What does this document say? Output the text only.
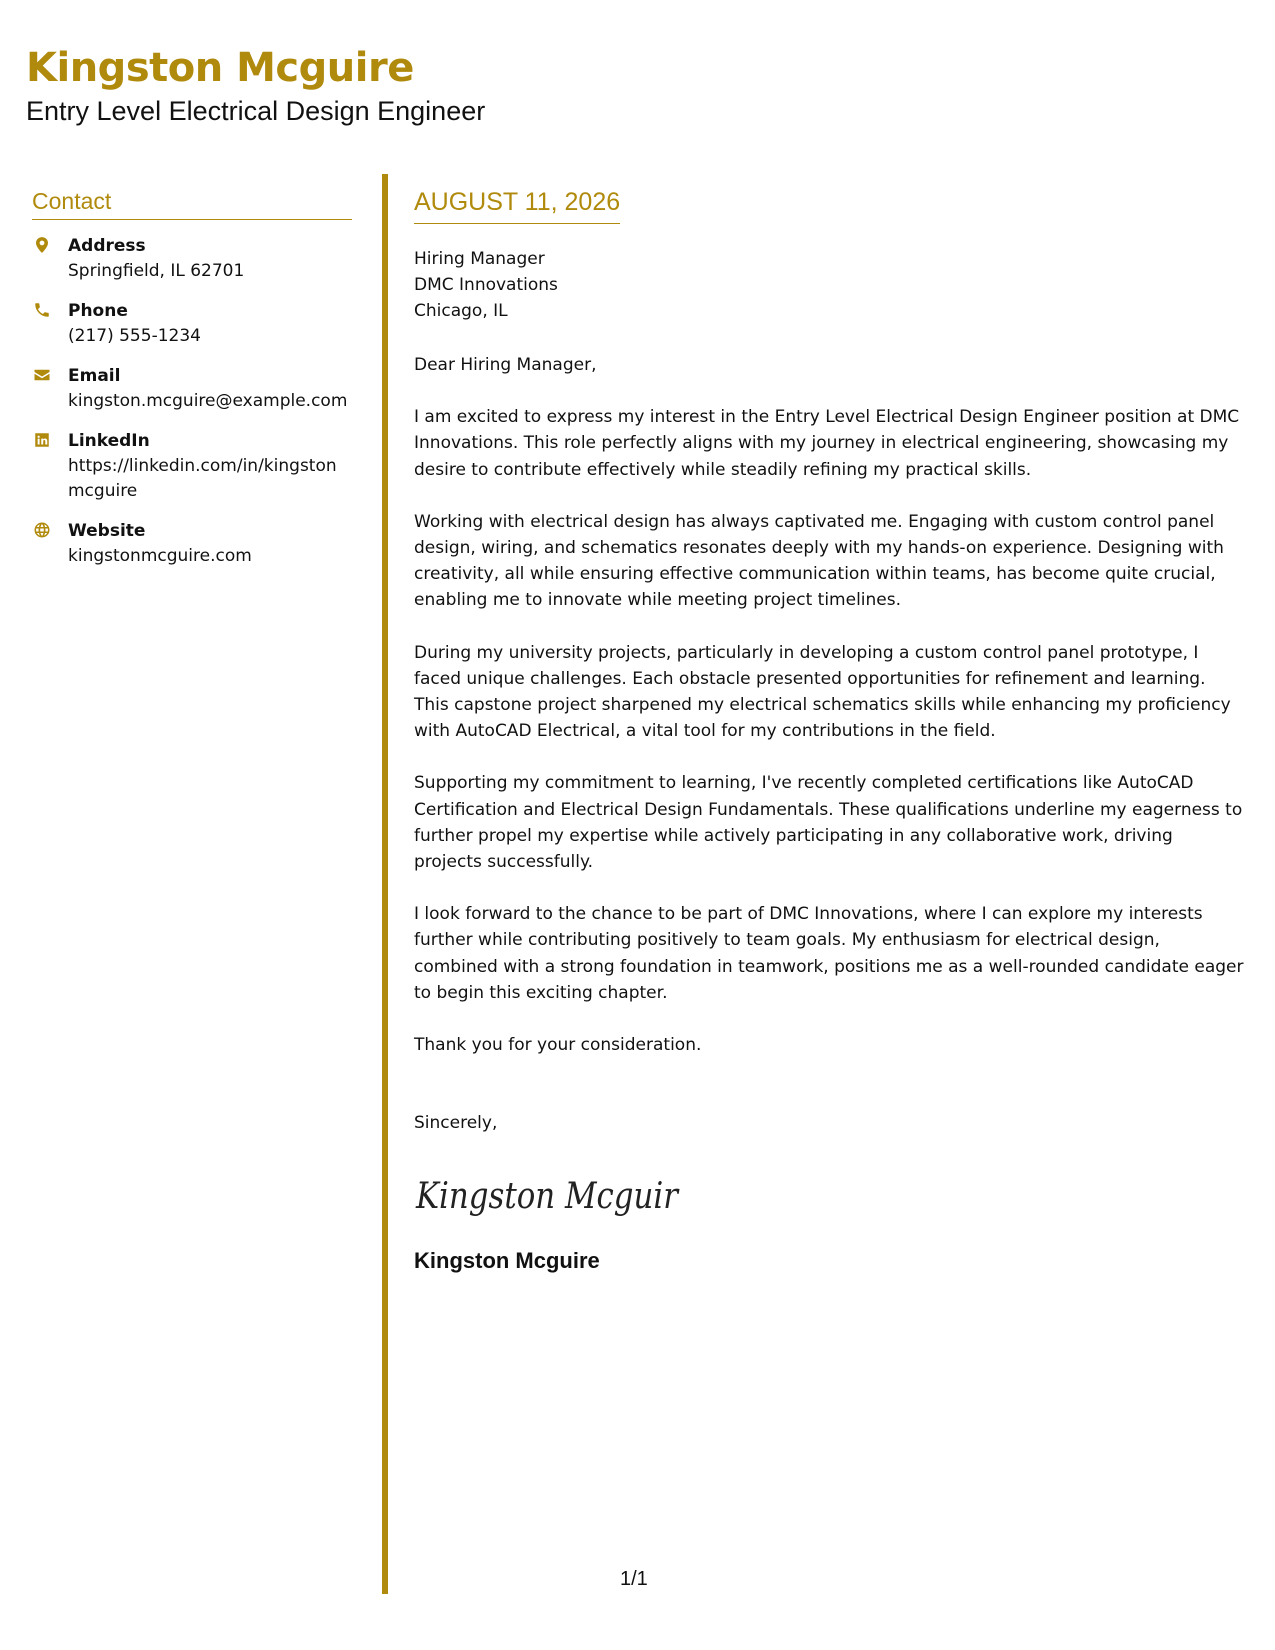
Kingston Mcguire
Entry Level Electrical Design Engineer
Contact
Address
Springfield, IL 62701
Phone
(217) 555-1234
Email
kingston.mcguire@example.com
LinkedIn
https://linkedin.com/in/kingstonmcguire
Website
kingstonmcguire.com
AUGUST 11, 2026
Hiring Manager
DMC Innovations
Chicago, IL
Dear Hiring Manager,
I am excited to express my interest in the Entry Level Electrical Design Engineer position at DMC Innovations. This role perfectly aligns with my journey in electrical engineering, showcasing my desire to contribute effectively while steadily refining my practical skills.
Working with electrical design has always captivated me. Engaging with custom control panel design, wiring, and schematics resonates deeply with my hands-on experience. Designing with creativity, all while ensuring effective communication within teams, has become quite crucial, enabling me to innovate while meeting project timelines.
During my university projects, particularly in developing a custom control panel prototype, I faced unique challenges. Each obstacle presented opportunities for refinement and learning. This capstone project sharpened my electrical schematics skills while enhancing my proficiency with AutoCAD Electrical, a vital tool for my contributions in the field.
Supporting my commitment to learning, I've recently completed certifications like AutoCAD Certification and Electrical Design Fundamentals. These qualifications underline my eagerness to further propel my expertise while actively participating in any collaborative work, driving projects successfully.
I look forward to the chance to be part of DMC Innovations, where I can explore my interests further while contributing positively to team goals. My enthusiasm for electrical design, combined with a strong foundation in teamwork, positions me as a well-rounded candidate eager to begin this exciting chapter.
Thank you for your consideration.
Sincerely,
Kingston Mcguir
Kingston Mcguire
1/1
